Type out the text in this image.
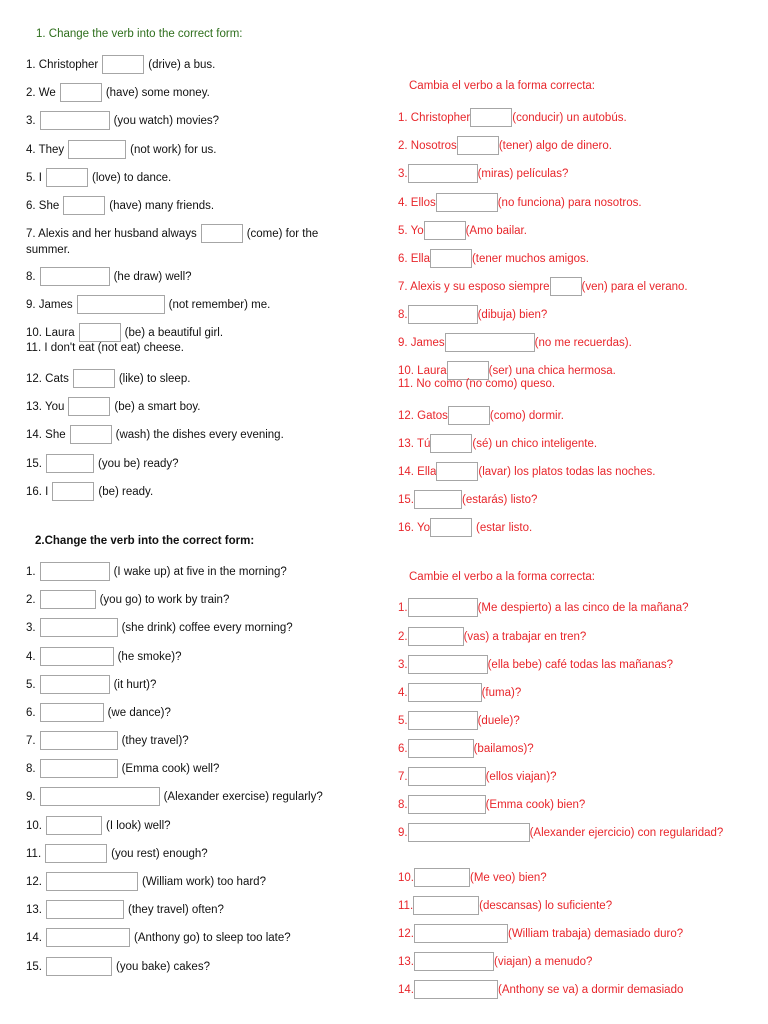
1. Change the verb into the correct form:
1. Christopher	(drive) a bus.
2. We	(have) some money.
3.	(you watch) movies?
4. They	(not work) for us.
5. I	(love) to dance.
6. She	(have) many friends.
7. Alexis and her husband always	(come) for the summer.
8.	(he draw) well?
9. James	(not remember) me.
10. Laura	(be) a beautiful girl.
11. I don't eat (not eat) cheese.
12. Cats	(like) to sleep.
13. You	(be) a smart boy.
14. She	(wash) the dishes every evening.
15.	(you be) ready?
16. I	(be) ready.
2.Change the verb into the correct form:
1.	(I wake up) at five in the morning?
2.	(you go) to work by train?
3.	(she drink) coffee every morning?
4.	(he smoke)?
5.	(it hurt)?
6.	(we dance)?
7.	(they travel)?
8.	(Emma cook) well?
9.	(Alexander exercise) regularly?
10.	(I look) well?
11.	(you rest) enough?
12.	(William work) too hard?
13.	(they travel) often?
14.	(Anthony go) to sleep too late?
15.	(you bake) cakes?
Cambia el verbo a la forma correcta:
1. Christopher	(conducir) un autobús.
2. Nosotros	(tener) algo de dinero.
3.	(miras) películas?
4. Ellos	(no funciona) para nosotros.
5. Yo	(Amo bailar.
6. Ella	(tener muchos amigos.
7. Alexis y su esposo siempre	(ven) para el verano.
8.	(dibuja) bien?
9. James	(no me recuerdas).
10. Laura	(ser) una chica hermosa.
11. No como (no como) queso.
12. Gatos	(como) dormir.
13. Tú	(sé) un chico inteligente.
14. Ella	(lavar) los platos todas las noches.
15.	(estarás) listo?
16. Yo	(estar listo.
Cambie el verbo a la forma correcta:
1.	(Me despierto) a las cinco de la mañana?
2.	(vas) a trabajar en tren?
3.	(ella bebe) café todas las mañanas?
4.	(fuma)?
5.	(duele)?
6.	(bailamos)?
7.	(ellos viajan)?
8.	(Emma cook) bien?
9.	(Alexander ejercicio) con regularidad?
10.	(Me veo) bien?
11.	(descansas) lo suficiente?
12.	(William trabaja) demasiado duro?
13.	(viajan) a menudo?
14.	(Anthony se va) a dormir demasiado
